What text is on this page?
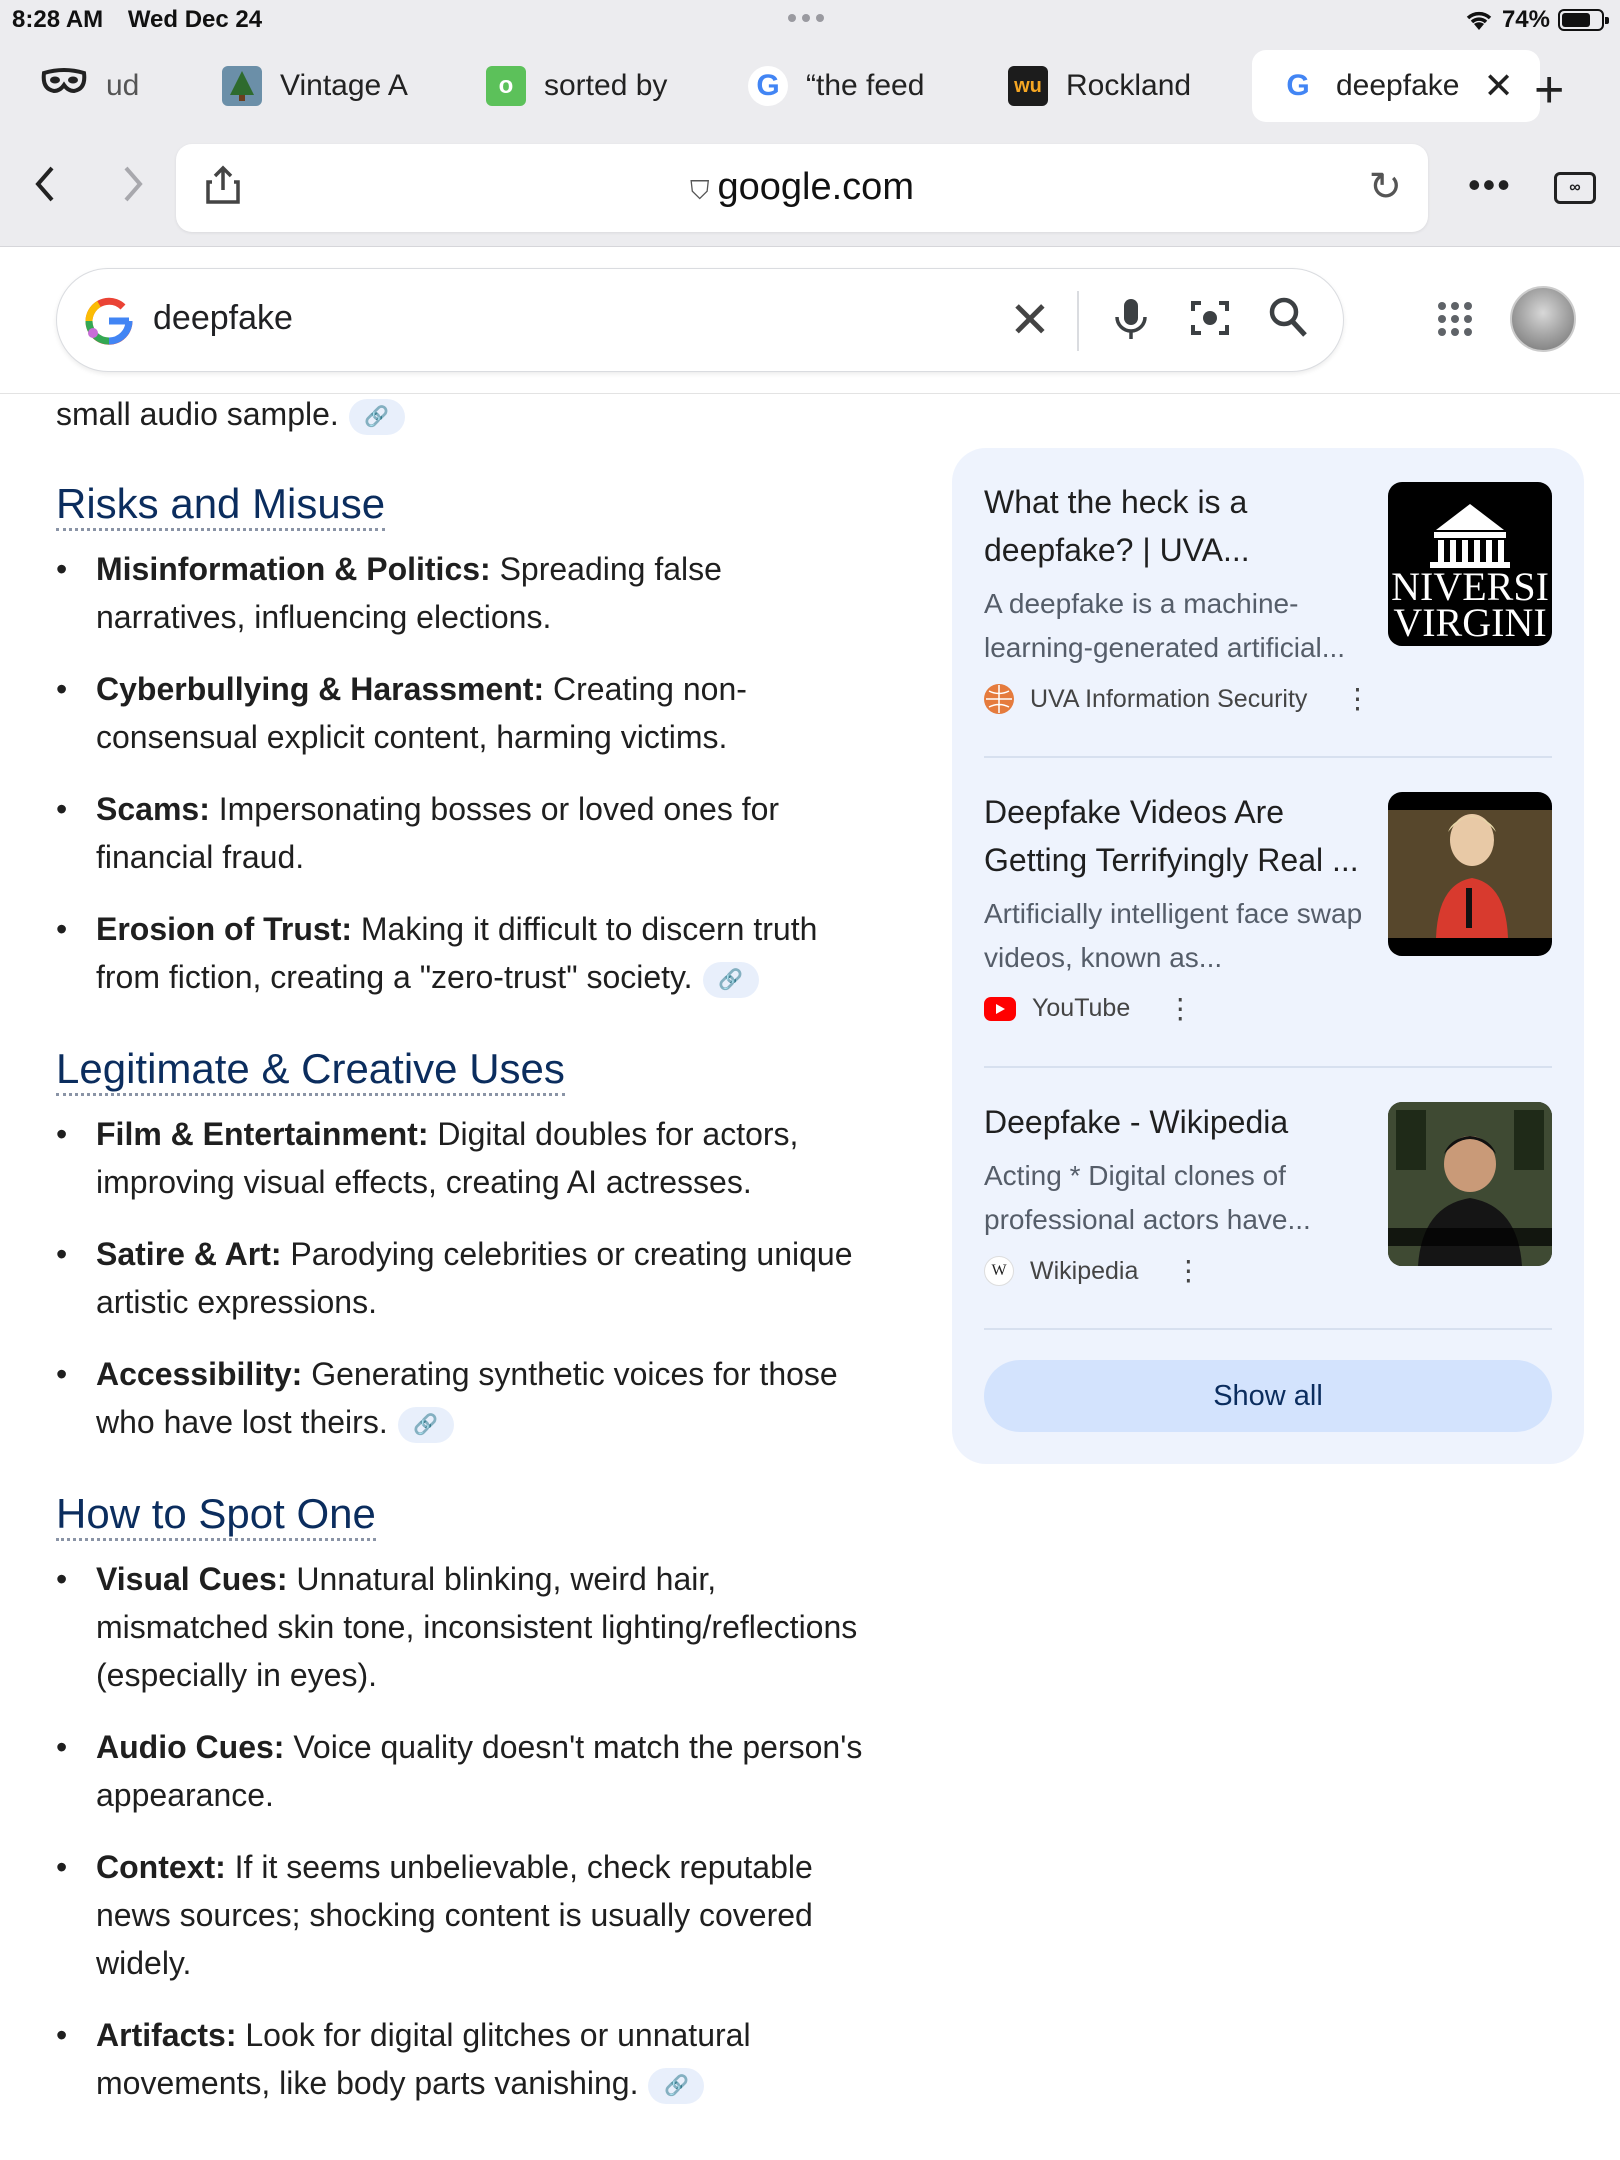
8:28 AM Wed Dec 24	74%
ud	Vintage A	o	sorted by	G “the feed	wu Rockland	G deepfake ✕ +
⛉ google.com	↻ •••	∞
deepfake	✕
small audio sample. 🔗
Risks and Misuse
• Misinformation & Politics: Spreading false narratives, influencing elections.
• Cyberbullying & Harassment: Creating non-consensual explicit content, harming victims.
• Scams: Impersonating bosses or loved ones for financial fraud.
• Erosion of Trust: Making it difficult to discern truth from fiction, creating a "zero-trust" society. 🔗
Legitimate & Creative Uses
• Film & Entertainment: Digital doubles for actors, improving visual effects, creating AI actresses.
• Satire & Art: Parodying celebrities or creating unique artistic expressions.
• Accessibility: Generating synthetic voices for those who have lost theirs. 🔗
How to Spot One
• Visual Cues: Unnatural blinking, weird hair, mismatched skin tone, inconsistent lighting/reflections (especially in eyes).
• Audio Cues: Voice quality doesn't match the person's appearance.
• Context: If it seems unbelievable, check reputable news sources; shocking content is usually covered widely.
• Artifacts: Look for digital glitches or unnatural movements, like body parts vanishing. 🔗
What the heck is a deepfake? | UVA...
A deepfake is a machine-learning-generated artificial...
UVA Information Security ⋮
NIVERSI
VIRGINI
Deepfake Videos Are Getting Terrifyingly Real ...
Artificially intelligent face swap videos, known as...
YouTube ⋮
Deepfake - Wikipedia
Acting * Digital clones of professional actors have...
W Wikipedia ⋮
Show all
